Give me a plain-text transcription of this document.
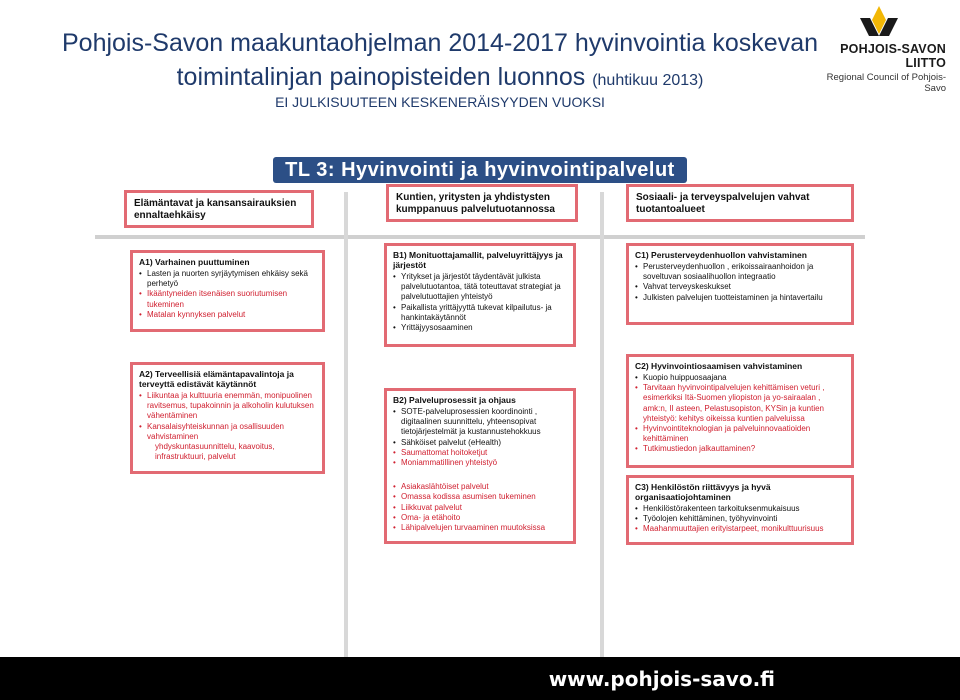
Pohjois-Savon maakuntaohjelman 2014-2017 hyvinvointia koskevan
toimintalinjan painopisteiden luonnos (huhtikuu 2013)
EI JULKISUUTEEN KESKENERÄISYYDEN VUOKSI
POHJOIS-SAVON LIITTO
Regional Council of Pohjois-Savo
TL 3: Hyvinvointi ja hyvinvointipalvelut
Elämäntavat ja kansansairauksien ennaltaehkäisy
Kuntien, yritysten ja yhdistysten kumppanuus palvelutuotannossa
Sosiaali- ja terveyspalvelujen vahvat tuotantoalueet
A1) Varhainen puuttuminen
• Lasten ja nuorten syrjäytymisen ehkäisy sekä perhetyö
• Ikääntyneiden itsenäisen suoriutumisen tukeminen
• Matalan kynnyksen palvelut
A2) Terveellisiä elämäntapavalintoja ja terveyttä edistävät käytännöt
• Liikuntaa ja kulttuuria enemmän, monipuolinen ravitsemus, tupakoinnin ja alkoholin kulutuksen vähentäminen
• Kansalaisyhteiskunnan ja osallisuuden vahvistaminen
yhdyskuntasuunnittelu, kaavoitus, infrastruktuuri, palvelut
B1) Monituottajamallit, palveluyrittäjyys ja järjestöt
• Yritykset ja järjestöt täydentävät julkista palvelutuotantoa, tätä toteuttavat strategiat ja palvelutuottajien yhteistyö
• Paikallista yrittäjyyttä tukevat kilpailutus- ja hankintakäytännöt
• Yrittäjyysosaaminen
B2) Palveluprosessit ja ohjaus
• SOTE-palveluprosessien koordinointi , digitaalinen suunnittelu, yhteensopivat tietojärjestelmät ja kustannustehokkuus
• Sähköiset palvelut (eHealth)
• Saumattomat hoitoketjut
• Moniammatillinen yhteistyö
• Asiakaslähtöiset palvelut
• Omassa kodissa asumisen tukeminen
• Liikkuvat palvelut
• Oma- ja etähoito
• Lähipalvelujen turvaaminen muutoksissa
C1) Perusterveydenhuollon vahvistaminen
• Perusterveydenhuollon , erikoissairaanhoidon ja soveltuvan sosiaalihuollon integraatio
• Vahvat terveyskeskukset
• Julkisten palvelujen tuotteistaminen ja hintavertailu
C2) Hyvinvointiosaamisen vahvistaminen
• Kuopio huippuosaajana
• Tarvitaan hyvinvointipalvelujen kehittämisen veturi , esimerkiksi Itä-Suomen yliopiston ja yo-sairaalan , amk:n, II asteen, Pelastusopiston, KYSin ja kuntien yhteistyö: kehitys oikeissa kuntien palveluissa
• Hyvinvointiteknologian ja palveluinnovaatioiden kehittäminen
• Tutkimustiedon jalkauttaminen?
C3) Henkilöstön riittävyys ja hyvä organisaatiojohtaminen
• Henkilöstörakenteen tarkoituksenmukaisuus
• Työolojen kehittäminen, työhyvinvointi
• Maahanmuuttajien erityistarpeet, monikulttuurisuus
www.pohjois-savo.fi
